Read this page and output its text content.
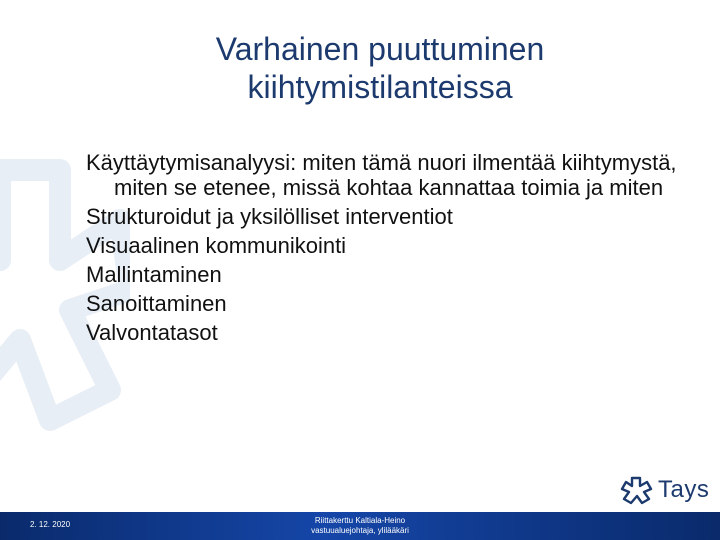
Varhainen puuttuminen
kiihtymistilanteissa
Käyttäytymisanalyysi: miten tämä nuori ilmentää kiihtymystä, miten se etenee, missä kohtaa kannattaa toimia ja miten
Strukturoidut ja yksilölliset interventiot
Visuaalinen kommunikointi
Mallintaminen
Sanoittaminen
Valvontatasot
Tays
2. 12. 2020	Riittakerttu Kaltiala-Heino
vastuualuejohtaja, ylilääkäri
